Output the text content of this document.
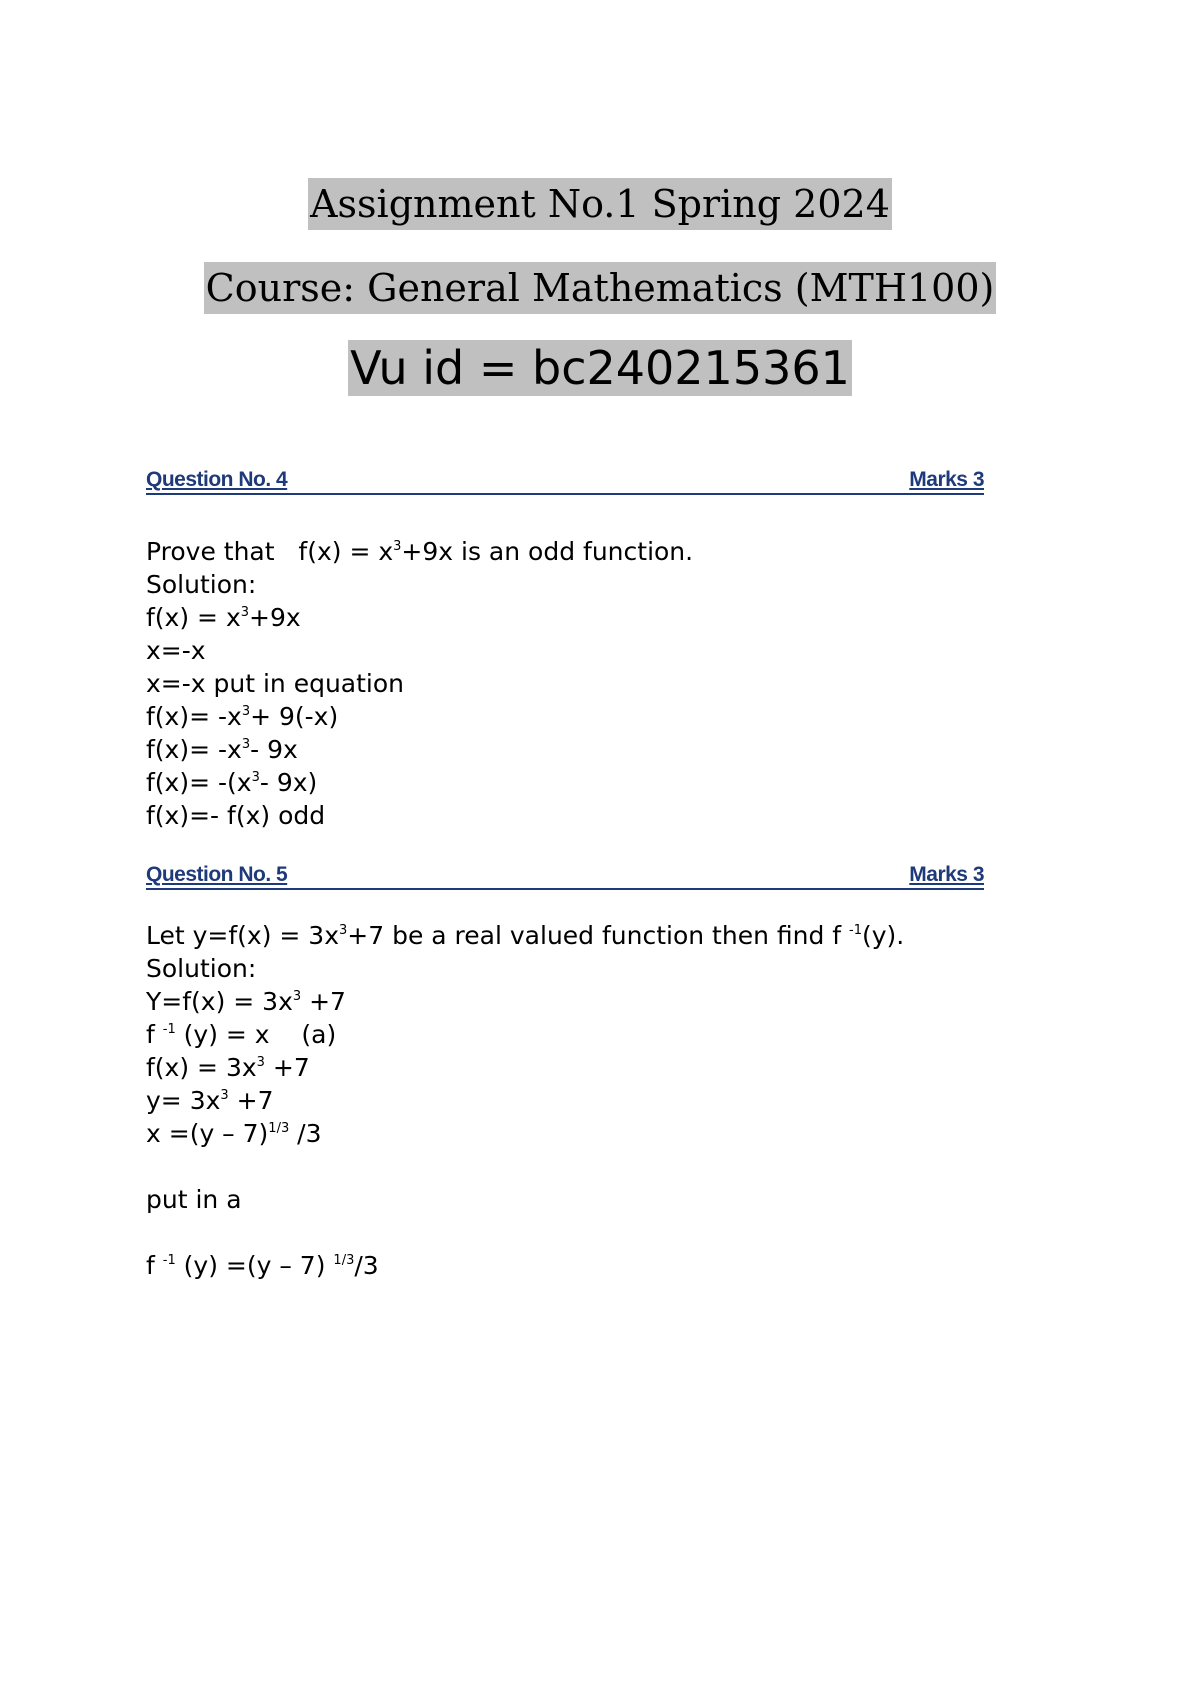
Assignment No.1 Spring 2024
Course: General Mathematics (MTH100)
Vu id = bc240215361
Question No. 4	Marks 3
Prove that   $f(x) = x^3+9x$ is an odd function.
Solution:
$f(x) = x^3+9x$
x=-x
x=-x put in equation
$f(x)= -x^3+ 9(-x)$
$f(x)= -x^3-$ 9x
$f(x)= -(x^3-$ 9x)
f(x)=- f(x) odd
Question No. 5	Marks 3
Let $y=f(x) = 3x^3+7$ be a real valued function then find f $^{-1}$(y).
Solution:
$Y=f(x) = 3x^3 +7$
f $^{-1}$ (y) = x    (a)
$f(x) = 3x^3 +7$
$y= 3x^3 +7$
x =(y – 7)$^{1/3}$ /3
put in a
f $^{-1}$ (y) =(y – 7) $^{1/3}$/3
